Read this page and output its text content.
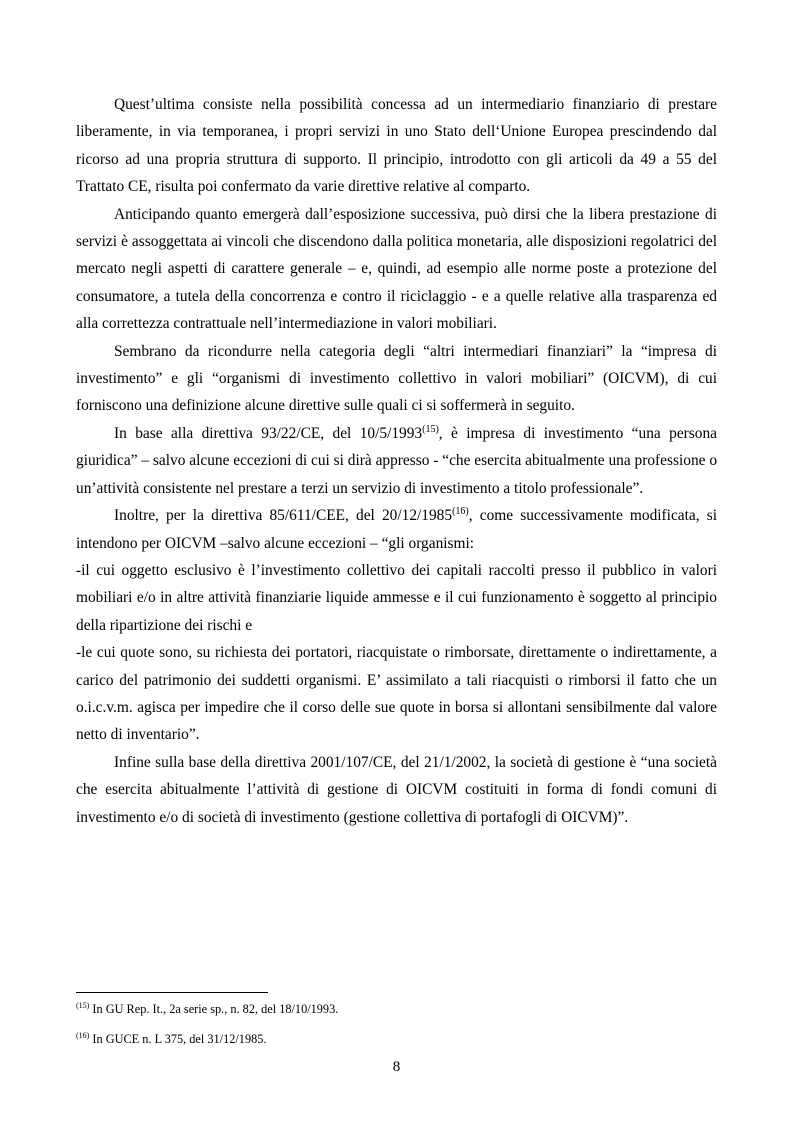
Quest’ultima consiste nella possibilità concessa ad un intermediario finanziario di prestare liberamente, in via temporanea, i propri servizi in uno Stato dell‘Unione Europea prescindendo dal ricorso ad una propria struttura di supporto. Il principio, introdotto con gli articoli da 49 a 55 del Trattato CE, risulta poi confermato da varie direttive relative al comparto.

Anticipando quanto emergerà dall’esposizione successiva, può dirsi che la libera prestazione di servizi è assoggettata ai vincoli che discendono dalla politica monetaria, alle disposizioni regolatrici del mercato negli aspetti di carattere generale – e, quindi, ad esempio alle norme poste a protezione del consumatore, a tutela della concorrenza e contro il riciclaggio - e a quelle relative alla trasparenza ed alla correttezza contrattuale nell’intermediazione in valori mobiliari.

Sembrano da ricondurre nella categoria degli “altri intermediari finanziari” la “impresa di investimento” e gli “organismi di investimento collettivo in valori mobiliari” (OICVM), di cui forniscono una definizione alcune direttive sulle quali ci si soffermerà in seguito.

In base alla direttiva 93/22/CE, del 10/5/1993$^{(15)}$, è impresa di investimento “una persona giuridica” – salvo alcune eccezioni di cui si dirà appresso - “che esercita abitualmente una professione o un’attività consistente nel prestare a terzi un servizio di investimento a titolo professionale”.

Inoltre, per la direttiva 85/611/CEE, del 20/12/1985$^{(16)}$, come successivamente modificata, si intendono per OICVM –salvo alcune eccezioni – “gli organismi:

-il cui oggetto esclusivo è l’investimento collettivo dei capitali raccolti presso il pubblico in valori mobiliari e/o in altre attività finanziarie liquide ammesse e il cui funzionamento è soggetto al principio della ripartizione dei rischi e

-le cui quote sono, su richiesta dei portatori, riacquistate o rimborsate, direttamente o indirettamente, a carico del patrimonio dei suddetti organismi. E’ assimilato a tali riacquisti o rimborsi il fatto che un o.i.c.v.m. agisca per impedire che il corso delle sue quote in borsa si allontani sensibilmente dal valore netto di inventario”.

Infine sulla base della direttiva 2001/107/CE, del 21/1/2002, la società di gestione è “una società che esercita abitualmente l’attività di gestione di OICVM costituiti in forma di fondi comuni di investimento e/o di società di investimento (gestione collettiva di portafogli di OICVM)”.

$^{(15)}$ In GU Rep. It., 2a serie sp., n. 82, del 18/10/1993.
$^{(16)}$ In GUCE n. L 375, del 31/12/1985.
8
